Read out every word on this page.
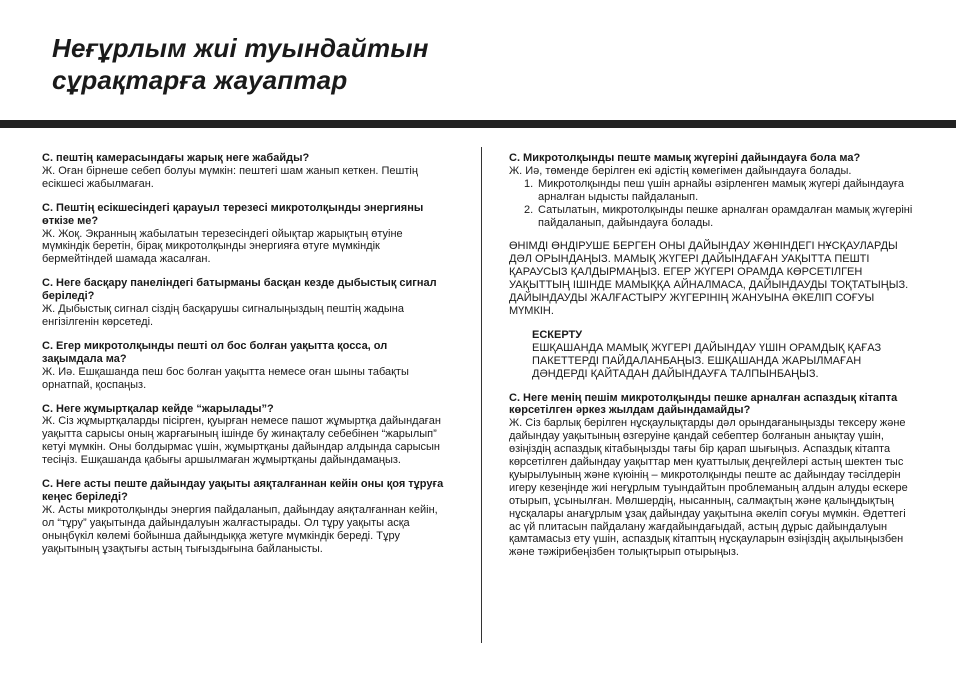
Неғұрлым жиі туындайтын
сұрақтарға жауаптар
С. пештің камерасындағы жарық неге жабайды?
Ж. Оған бірнеше себеп болуы мүмкін: пештегі шам жанып кеткен. Пештің есікшесі жабылмаған.
С. Пештің есікшесіндегі қарауыл терезесі микротолқынды энергияны өткізе ме?
Ж. Жоқ. Экранның жабылатын терезесіндегі ойықтар жарықтың өтуіне мүмкіндік беретін, бірақ микротолқынды энергияға өтуге мүмкіндік бермейтіндей шамада жасалған.
С. Неге басқару панеліндегі батырманы басқан кезде дыбыстық сигнал беріледі?
Ж. Дыбыстық сигнал сіздің басқарушы сигналыңыздың пештің жадына енгізілгенін көрсетеді.
С. Егер микротолқынды пешті ол бос болған уақытта қосса, ол зақымдала ма?
Ж. Иә. Ешқашанда пеш бос болған уақытта немесе оған шыны табақты орнатпай, қоспаңыз.
С. Неге жұмыртқалар кейде “жарылады”?
Ж. Сіз жұмыртқаларды пісірген, қуырған немесе пашот жұмыртқа дайындаған уақытта сарысы оның жарғағының ішінде бу жинақталу себебінен “жарылып” кетуі мүмкін. Оны болдырмас үшін, жұмыртқаны дайындар алдында сарысын тесіңіз. Ешқашанда қабығы аршылмаған жұмыртқаны дайындамаңыз.
С. Неге асты пеште дайындау уақыты аяқталғаннан кейін оны қоя тұруға кеңес беріледі?
Ж. Асты микротолқынды энергия пайдаланып, дайындау аяқталғаннан кейін, ол “тұру” уақытында дайындалуын жалғастырады. Ол тұру уақыты асқа оныңбүкіл көлемі бойынша дайындыққа жетуге мүмкіндік береді. Тұру уақытының ұзақтығы астың тығыздығына байланысты.
С. Микротолқынды пеште мамық жүгеріні дайындауға бола ма?
Ж. Иә, төменде берілген екі әдістің көмегімен дайындауға болады.
1. Микротолқынды пеш үшін арнайы әзірленген мамық жүгері дайындауға арналған ыдысты пайдаланып.
2. Сатылатын, микротолқынды пешке арналған орамдалған мамық жүгеріні пайдаланып, дайындауға болады.
ӨНІМДІ ӨНДІРУШЕ БЕРГЕН ОНЫ ДАЙЫНДАУ ЖӨНІНДЕГІ НҰСҚАУЛАРДЫ ДӘЛ ОРЫНДАҢЫЗ. МАМЫҚ ЖҮГЕРІ ДАЙЫНДАҒАН УАҚЫТТА ПЕШТІ ҚАРАУСЫЗ ҚАЛДЫРМАҢЫЗ. ЕГЕР ЖҮГЕРІ ОРАМДА КӨРСЕТІЛГЕН УАҚЫТТЫҢ ІШІНДЕ МАМЫҚҚА АЙНАЛМАСА, ДАЙЫНДАУДЫ ТОҚТАТЫҢЫЗ. ДАЙЫНДАУДЫ ЖАЛҒАСТЫРУ ЖҮГЕРІНІҢ ЖАНУЫНА ӘКЕЛІП СОҒУЫ МҮМКІН.
ЕСКЕРТУ
ЕШҚАШАНДА МАМЫҚ ЖҮГЕРІ ДАЙЫНДАУ ҮШІН ОРАМДЫҚ ҚАҒАЗ ПАКЕТТЕРДІ ПАЙДАЛАНБАҢЫЗ. ЕШҚАШАНДА ЖАРЫЛМАҒАН ДӘНДЕРДІ ҚАЙТАДАН ДАЙЫНДАУҒА ТАЛПЫНБАҢЫЗ.
С. Неге менің пешім микротолқынды пешке арналған аспаздық кітапта көрсетілген әркез жылдам дайындамайды?
Ж. Сіз барлық берілген нұсқаулықтарды дәл орындағаныңызды тексеру және дайындау уақытының өзгеруіне қандай себептер болғанын анықтау үшін, өзіңіздің аспаздық кітабыңызды тағы бір қарап шығыңыз. Аспаздық кітапта көрсетілген дайындау уақыттар мен қуаттылық деңгейлері астың шектен тыс қуырылуының және күюінің – микротолқынды пеште ас дайындау тәсілдерін игеру кезеңінде жиі неғұрлым туындайтын проблеманың алдын алуды ескере отырып, ұсынылған. Мөлшердің, нысанның, салмақтың және қалыңдықтың нұсқалары анағұрлым ұзақ дайындау уақытына әкеліп соғуы мүмкін. Әдеттегі ас үй плитасын пайдалану жағдайындағыдай, астың дұрыс дайындалуын қамтамасыз ету үшін, аспаздық кітаптың нұсқауларын өзіңіздің ақылыңызбен және тәжірибеңізбен толықтырып отырыңыз.
